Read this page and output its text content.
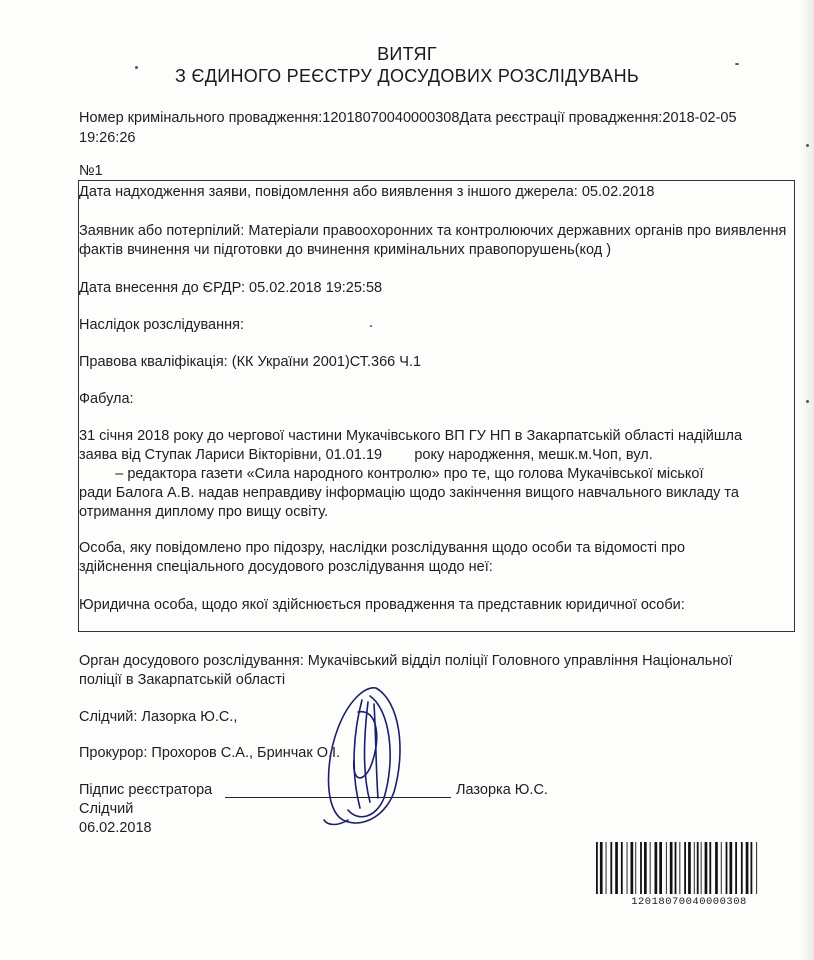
ВИТЯГ
З ЄДИНОГО РЕЄСТРУ ДОСУДОВИХ РОЗСЛІДУВАНЬ
Номер кримінального провадження:12018070040000308Дата реєстрації провадження:2018-02-05 19:26:26
№1
Дата надходження заяви, повідомлення або виявлення з іншого джерела: 05.02.2018
Заявник або потерпілий: Матеріали правоохоронних та контролюючих державних органів про виявлення фактів вчинення чи підготовки до вчинення кримінальних правопорушень(код )
Дата внесення до ЄРДР: 05.02.2018 19:25:58
Наслідок розслідування:
Правова кваліфікація: (КК України 2001)СТ.366 Ч.1
Фабула:
31 січня 2018 року до чергової частини Мукачівського ВП ГУ НП в Закарпатській області надійшла
заява від Ступак Лариси Вікторівни, 01.01.19        року народження, мешк.м.Чоп, вул.
– редактора газети «Сила народного контролю» про те, що голова Мукачівської міської
ради Балога А.В. надав неправдиву інформацію щодо закінчення вищого навчального викладу та
отримання диплому про вищу освіту.
Особа, яку повідомлено про підозру, наслідки розслідування щодо особи та відомості про
здійснення спеціального досудового розслідування щодо неї:
Юридична особа, щодо якої здійснюється провадження та представник юридичної особи:
Орган досудового розслідування: Мукачівський відділ поліції Головного управління Національної
поліції в Закарпатській області
Слідчий: Лазорка Ю.С.,
Прокурор: Прохоров С.А., Бринчак О.І.
Підпис реєстратора	Лазорка Ю.С.
Слідчий
06.02.2018
12018070040000308
